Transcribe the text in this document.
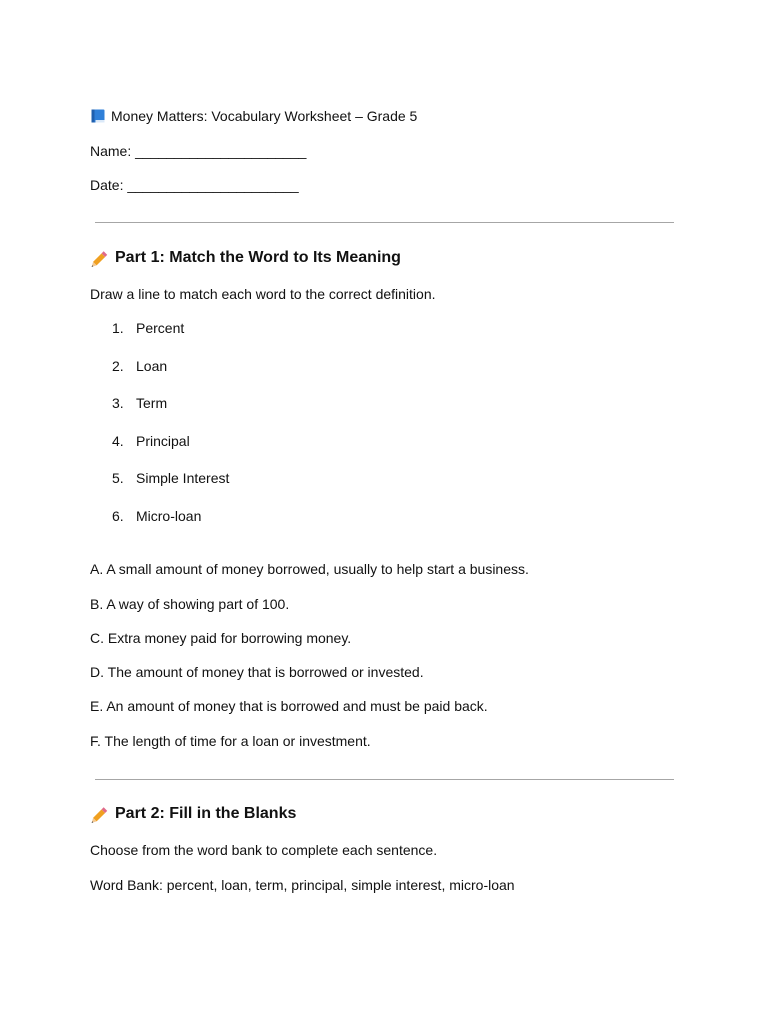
Money Matters: Vocabulary Worksheet – Grade 5
Name: ______________________
Date: ______________________
Part 1: Match the Word to Its Meaning
Draw a line to match each word to the correct definition.
1. Percent
2. Loan
3. Term
4. Principal
5. Simple Interest
6. Micro-loan
A. A small amount of money borrowed, usually to help start a business.
B. A way of showing part of 100.
C. Extra money paid for borrowing money.
D. The amount of money that is borrowed or invested.
E. An amount of money that is borrowed and must be paid back.
F. The length of time for a loan or investment.
Part 2: Fill in the Blanks
Choose from the word bank to complete each sentence.
Word Bank: percent, loan, term, principal, simple interest, micro-loan
